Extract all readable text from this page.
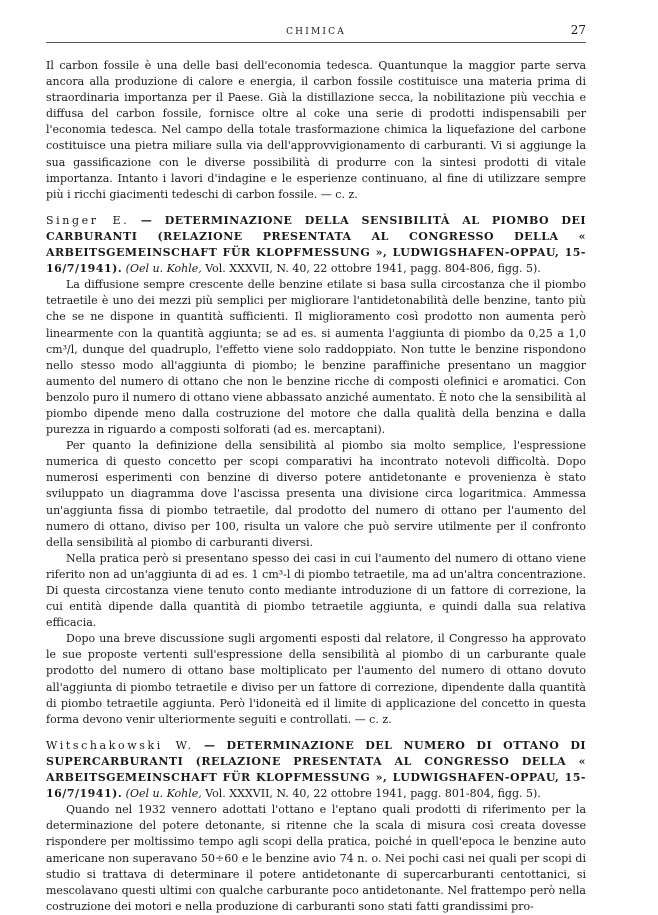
CHIMICA	27

Il carbon fossile è una delle basi dell'economia tedesca. Quantunque la maggior parte serva ancora alla produzione di calore e energia, il carbon fossile costituisce una materia prima di straordinaria importanza per il Paese. Già la distillazione secca, la nobilitazione più vecchia e diffusa del carbon fossile, fornisce oltre al coke una serie di prodotti indispensabili per l'economia tedesca. Nel campo della totale trasformazione chimica la liquefazione del carbone costituisce una pietra miliare sulla via dell'approvvigionamento di carburanti. Vi si aggiunge la sua gassificazione con le diverse possibilità di produrre con la sintesi prodotti di vitale importanza. Intanto i lavori d'indagine e le esperienze continuano, al fine di utilizzare sempre più i ricchi giacimenti tedeschi di carbon fossile. — c. z.

Singer E. — DETERMINAZIONE DELLA SENSIBILITÀ AL PIOMBO DEI CARBURANTI (RELAZIONE PRESENTATA AL CONGRESSO DELLA « ARBEITSGEMEINSCHAFT FÜR KLOPFMESSUNG », LUDWIGSHAFEN-OPPAU, 15-16/7/1941). (Oel u. Kohle, Vol. XXXVII, N. 40, 22 ottobre 1941, pagg. 804-806, figg. 5).

La diffusione sempre crescente delle benzine etilate si basa sulla circostanza che il piombo tetraetile è uno dei mezzi più semplici per migliorare l'antidetonabilità delle benzine, tanto più che se ne dispone in quantità sufficienti. Il miglioramento così prodotto non aumenta però linearmente con la quantità aggiunta; se ad es. si aumenta l'aggiunta di piombo da 0,25 a 1,0 cm³/l, dunque del quadruplo, l'effetto viene solo raddoppiato. Non tutte le benzine rispondono nello stesso modo all'aggiunta di piombo; le benzine paraffiniche presentano un maggior aumento del numero di ottano che non le benzine ricche di composti olefinici e aromatici. Con benzolo puro il numero di ottano viene abbassato anziché aumentato. È noto che la sensibilità al piombo dipende meno dalla costruzione del motore che dalla qualità della benzina e dalla purezza in riguardo a composti solforati (ad es. mercaptani).

Per quanto la definizione della sensibilità al piombo sia molto semplice, l'espressione numerica di questo concetto per scopi comparativi ha incontrato notevoli difficoltà. Dopo numerosi esperimenti con benzine di diverso potere antidetonante e provenienza è stato sviluppato un diagramma dove l'ascissa presenta una divisione circa logaritmica. Ammessa un'aggiunta fissa di piombo tetraetile, dal prodotto del numero di ottano per l'aumento del numero di ottano, diviso per 100, risulta un valore che può servire utilmente per il confronto della sensibilità al piombo di carburanti diversi.

Nella pratica però si presentano spesso dei casi in cui l'aumento del numero di ottano viene riferito non ad un'aggiunta di ad es. 1 cm³-l di piombo tetraetile, ma ad un'altra concentrazione. Di questa circostanza viene tenuto conto mediante introduzione di un fattore di correzione, la cui entità dipende dalla quantità di piombo tetraetile aggiunta, e quindi dalla sua relativa efficacia.

Dopo una breve discussione sugli argomenti esposti dal relatore, il Congresso ha approvato le sue proposte vertenti sull'espressione della sensibilità al piombo di un carburante quale prodotto del numero di ottano base moltiplicato per l'aumento del numero di ottano dovuto all'aggiunta di piombo tetraetile e diviso per un fattore di correzione, dipendente dalla quantità di piombo tetraetile aggiunta. Però l'idoneità ed il limite di applicazione del concetto in questa forma devono venir ulteriormente seguiti e controllati. — c. z.

Witschakowski W. — DETERMINAZIONE DEL NUMERO DI OTTANO DI SUPERCARBURANTI (RELAZIONE PRESENTATA AL CONGRESSO DELLA « ARBEITSGEMEINSCHAFT FÜR KLOPFMESSUNG », LUDWIGSHAFEN-OPPAU, 15-16/7/1941). (Oel u. Kohle, Vol. XXXVII, N. 40, 22 ottobre 1941, pagg. 801-804, figg. 5).

Quando nel 1932 vennero adottati l'ottano e l'eptano quali prodotti di riferimento per la determinazione del potere detonante, si ritenne che la scala di misura così creata dovesse rispondere per moltissimo tempo agli scopi della pratica, poiché in quell'epoca le benzine auto americane non superavano 50÷60 e le benzine avio 74 n. o. Nei pochi casi nei quali per scopi di studio si trattava di determinare il potere antidetonante di supercarburanti centottanici, si mescolavano questi ultimi con qualche carburante poco antidetonante. Nel frattempo però nella costruzione dei motori e nella produzione di carburanti sono stati fatti grandissimi pro-
